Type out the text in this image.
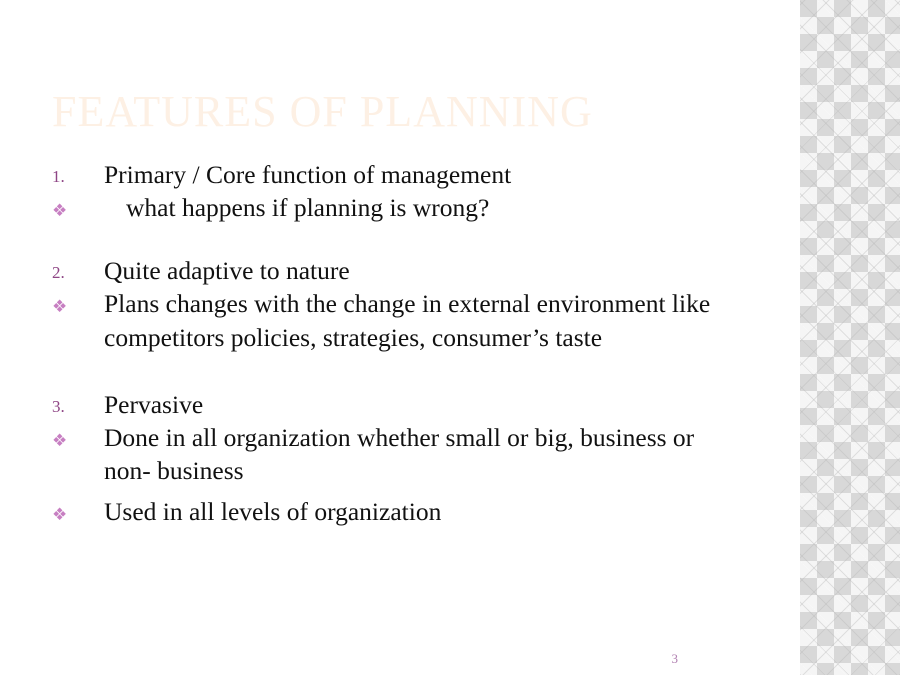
FEATURES OF PLANNING
1.	Primary / Core function of management
❖	what happens if planning is wrong?
2.	Quite adaptive to nature
❖	Plans changes with the change in external environment like competitors policies, strategies, consumer’s taste
3.	Pervasive
❖	Done in all organization whether small or big, business or non- business
❖	Used in all levels of organization
3
